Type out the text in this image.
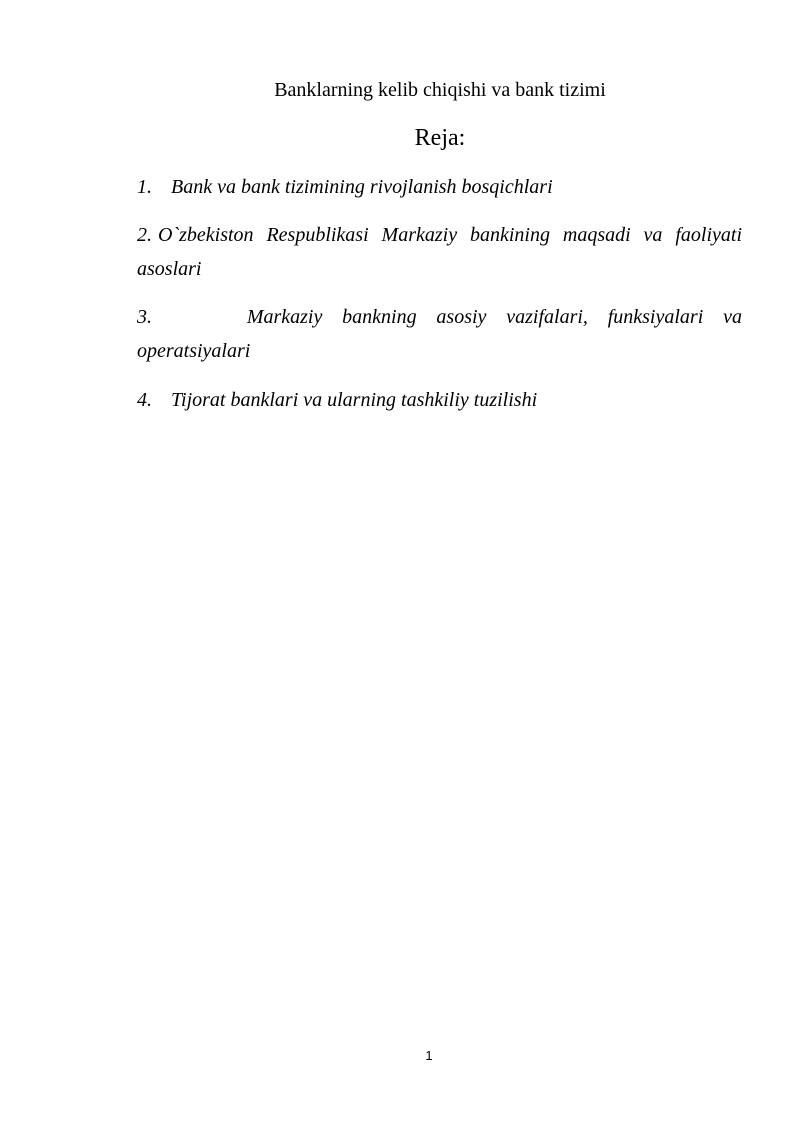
Banklarning kelib chiqishi va bank tizimi
Reja:
1. Bank va bank tizimining rivojlanish bosqichlari
2. O`zbekiston Respublikasi Markaziy bankining maqsadi va faoliyati
asoslari
3.	Markaziy bankning asosiy vazifalari, funksiyalari va
operatsiyalari
4. Tijorat banklari va ularning tashkiliy tuzilishi
1
